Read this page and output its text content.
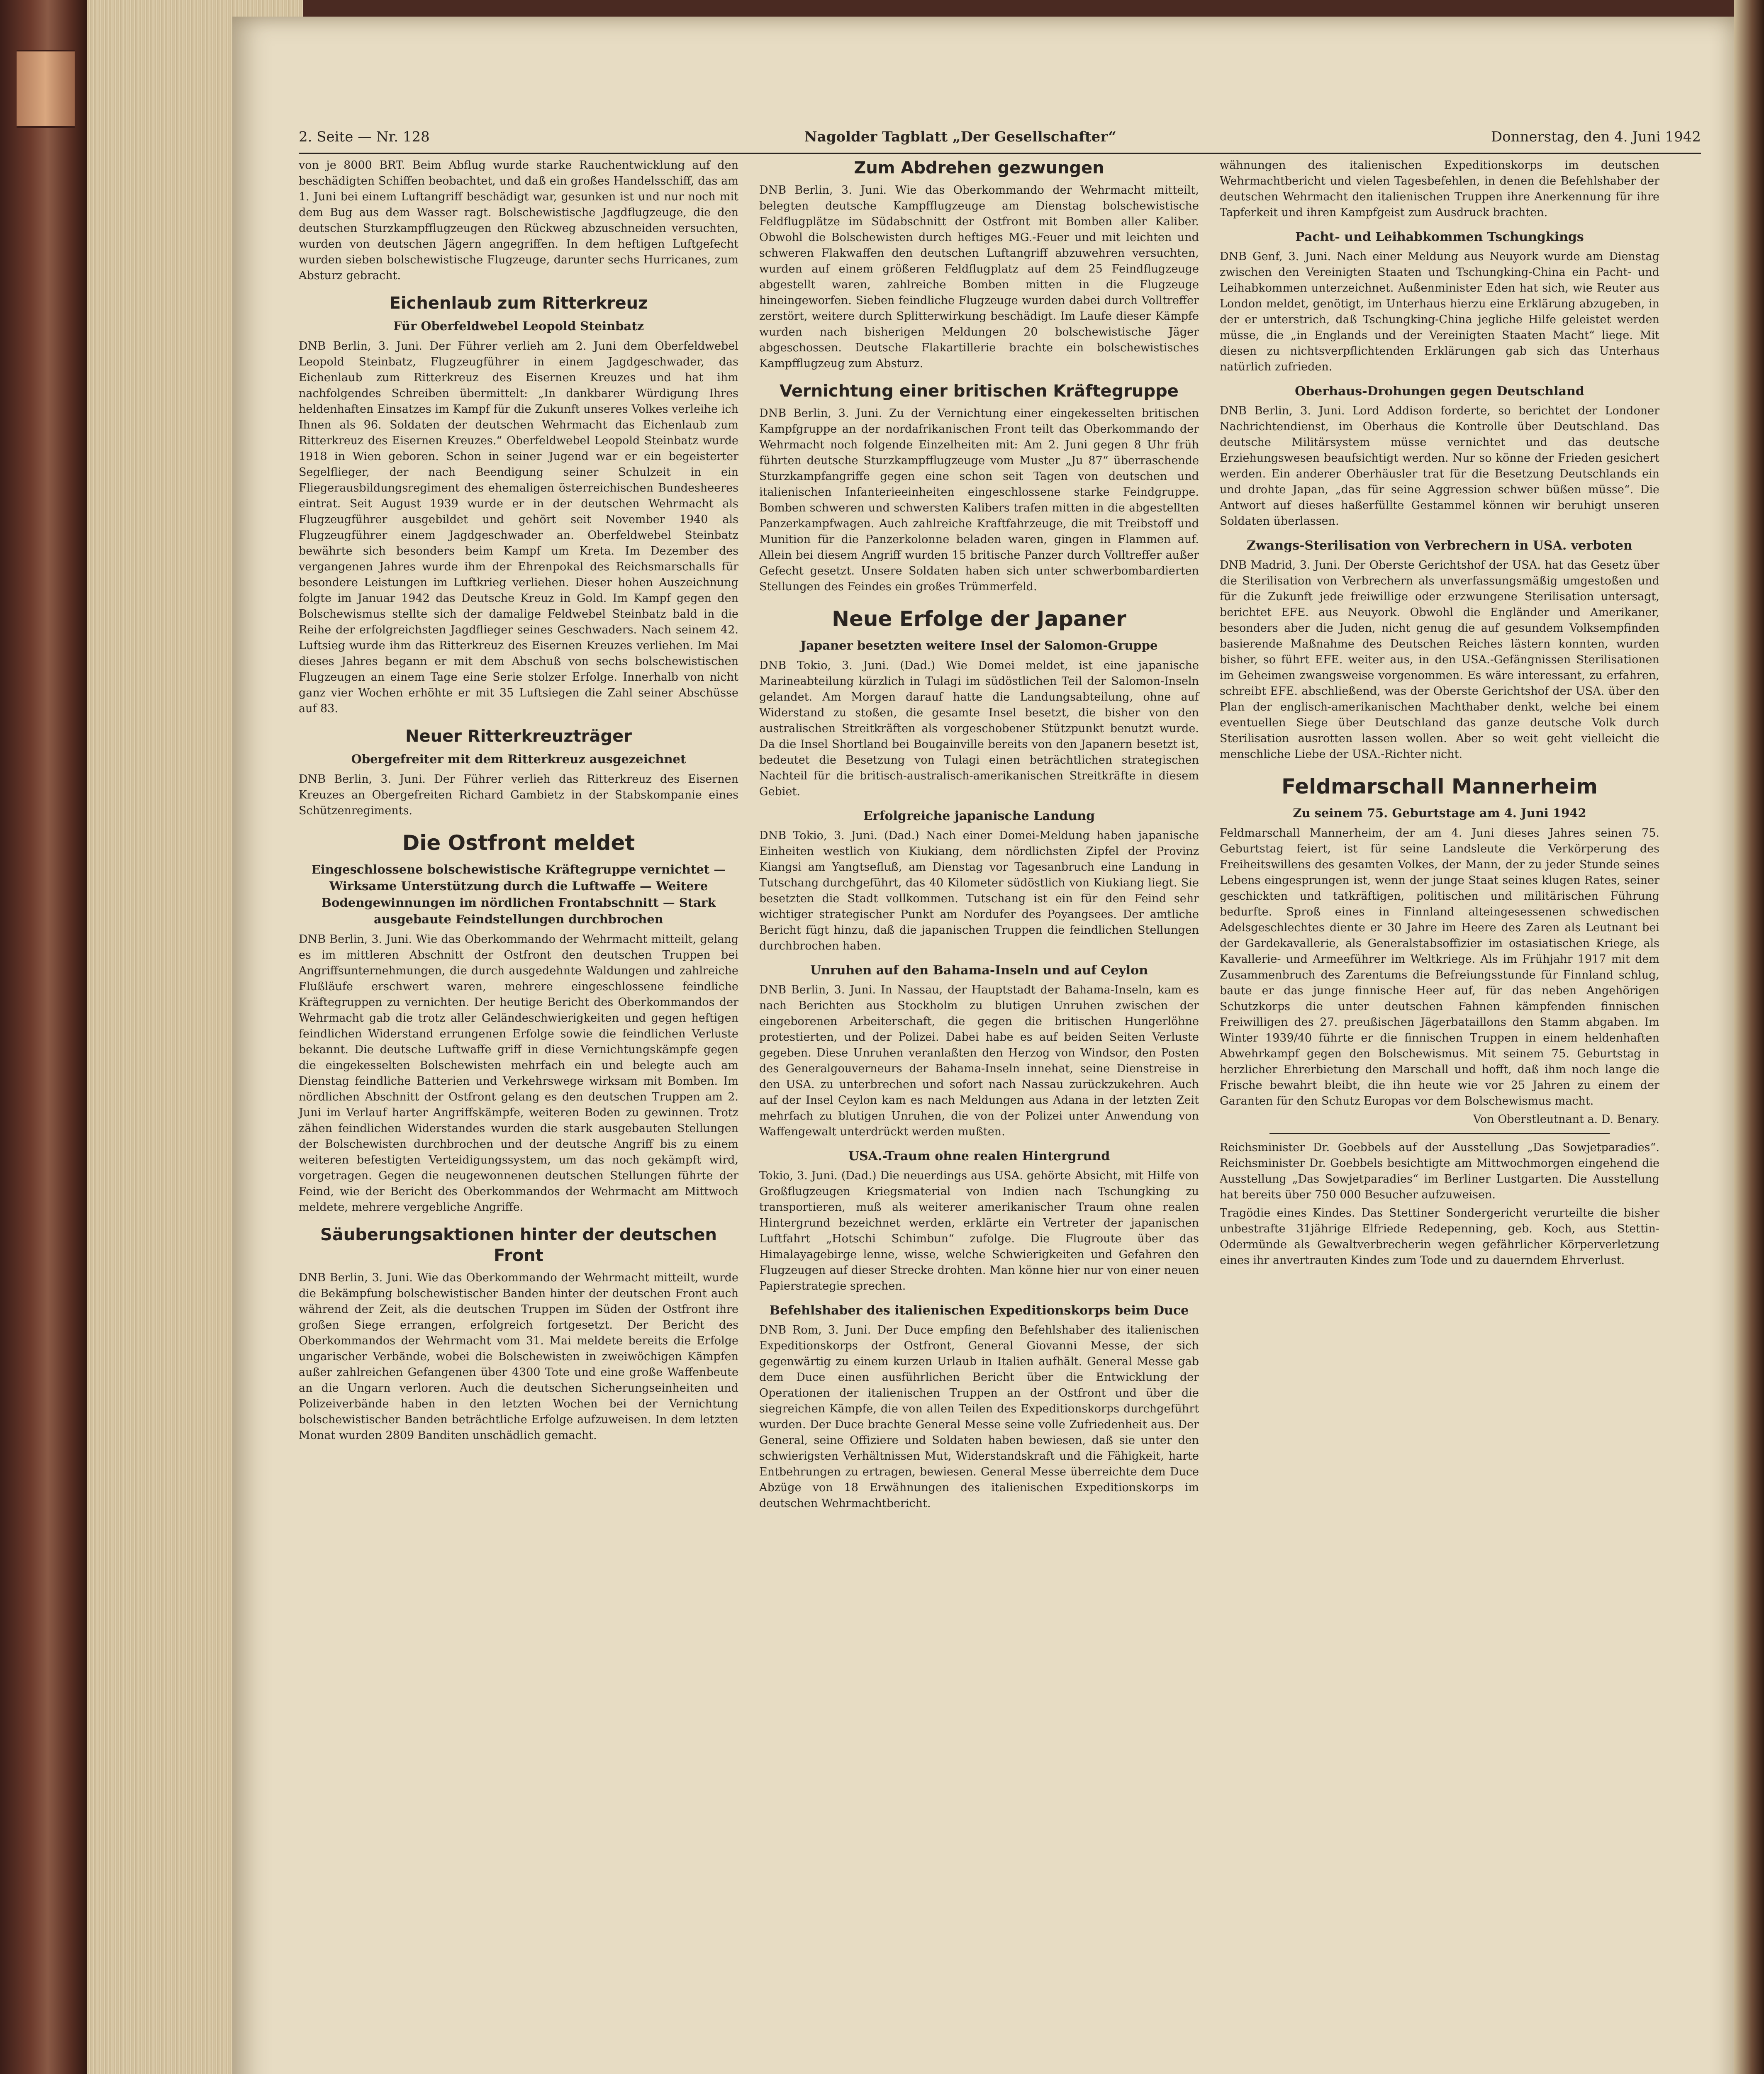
2. Seite — Nr. 128	Nagolder Tagblatt „Der Gesellschafter“	Donnerstag, den 4. Juni 1942

von je 8000 BRT. Beim Abflug wurde starke Rauchentwicklung auf den beschädigten Schiffen beobachtet, und daß ein großes Handelsschiff, das am 1. Juni bei einem Luftangriff beschädigt war, gesunken ist und nur noch mit dem Bug aus dem Wasser ragt. Bolschewistische Jagdflugzeuge, die den deutschen Sturzkampfflugzeugen den Rückweg abzuschneiden versuchten, wurden von deutschen Jägern angegriffen. In dem heftigen Luftgefecht wurden sieben bolschewistische Flugzeuge, darunter sechs Hurricanes, zum Absturz gebracht.

Eichenlaub zum Ritterkreuz
Für Oberfeldwebel Leopold Steinbatz

DNB Berlin, 3. Juni. Der Führer verlieh am 2. Juni dem Oberfeldwebel Leopold Steinbatz, Flugzeugführer in einem Jagdgeschwader, das Eichenlaub zum Ritterkreuz des Eisernen Kreuzes und hat ihm nachfolgendes Schreiben übermittelt: „In dankbarer Würdigung Ihres heldenhaften Einsatzes im Kampf für die Zukunft unseres Volkes verleihe ich Ihnen als 96. Soldaten der deutschen Wehrmacht das Eichenlaub zum Ritterkreuz des Eisernen Kreuzes.“ Oberfeldwebel Leopold Steinbatz wurde 1918 in Wien geboren. Schon in seiner Jugend war er ein begeisterter Segelflieger, der nach Beendigung seiner Schulzeit in ein Fliegerausbildungsregiment des ehemaligen österreichischen Bundesheeres eintrat. Seit August 1939 wurde er in der deutschen Wehrmacht als Flugzeugführer ausgebildet und gehört seit November 1940 als Flugzeugführer einem Jagdgeschwader an. Oberfeldwebel Steinbatz bewährte sich besonders beim Kampf um Kreta. Im Dezember des vergangenen Jahres wurde ihm der Ehrenpokal des Reichsmarschalls für besondere Leistungen im Luftkrieg verliehen. Dieser hohen Auszeichnung folgte im Januar 1942 das Deutsche Kreuz in Gold. Im Kampf gegen den Bolschewismus stellte sich der damalige Feldwebel Steinbatz bald in die Reihe der erfolgreichsten Jagdflieger seines Geschwaders. Nach seinem 42. Luftsieg wurde ihm das Ritterkreuz des Eisernen Kreuzes verliehen. Im Mai dieses Jahres begann er mit dem Abschuß von sechs bolschewistischen Flugzeugen an einem Tage eine Serie stolzer Erfolge. Innerhalb von nicht ganz vier Wochen erhöhte er mit 35 Luftsiegen die Zahl seiner Abschüsse auf 83.

Neuer Ritterkreuzträger
Obergefreiter mit dem Ritterkreuz ausgezeichnet

DNB Berlin, 3. Juni. Der Führer verlieh das Ritterkreuz des Eisernen Kreuzes an Obergefreiten Richard Gambietz in der Stabskompanie eines Schützenregiments.

Die Ostfront meldet
Eingeschlossene bolschewistische Kräftegruppe vernichtet — Wirksame Unterstützung durch die Luftwaffe — Weitere Bodengewinnungen im nördlichen Frontabschnitt — Stark ausgebaute Feindstellungen durchbrochen

DNB Berlin, 3. Juni. Wie das Oberkommando der Wehrmacht mitteilt, gelang es im mittleren Abschnitt der Ostfront den deutschen Truppen bei Angriffsunternehmungen, die durch ausgedehnte Waldungen und zahlreiche Flußläufe erschwert waren, mehrere eingeschlossene feindliche Kräftegruppen zu vernichten. Der heutige Bericht des Oberkommandos der Wehrmacht gab die trotz aller Geländeschwierigkeiten und gegen heftigen feindlichen Widerstand errungenen Erfolge sowie die feindlichen Verluste bekannt. Die deutsche Luftwaffe griff in diese Vernichtungskämpfe gegen die eingekesselten Bolschewisten mehrfach ein und belegte auch am Dienstag feindliche Batterien und Verkehrswege wirksam mit Bomben. Im nördlichen Abschnitt der Ostfront gelang es den deutschen Truppen am 2. Juni im Verlauf harter Angriffskämpfe, weiteren Boden zu gewinnen. Trotz zähen feindlichen Widerstandes wurden die stark ausgebauten Stellungen der Bolschewisten durchbrochen und der deutsche Angriff bis zu einem weiteren befestigten Verteidigungssystem, um das noch gekämpft wird, vorgetragen. Gegen die neugewonnenen deutschen Stellungen führte der Feind, wie der Bericht des Oberkommandos der Wehrmacht am Mittwoch meldete, mehrere vergebliche Angriffe.

Säuberungsaktionen hinter der deutschen Front

DNB Berlin, 3. Juni. Wie das Oberkommando der Wehrmacht mitteilt, wurde die Bekämpfung bolschewistischer Banden hinter der deutschen Front auch während der Zeit, als die deutschen Truppen im Süden der Ostfront ihre großen Siege errangen, erfolgreich fortgesetzt. Der Bericht des Oberkommandos der Wehrmacht vom 31. Mai meldete bereits die Erfolge ungarischer Verbände, wobei die Bolschewisten in zweiwöchigen Kämpfen außer zahlreichen Gefangenen über 4300 Tote und eine große Waffenbeute an die Ungarn verloren. Auch die deutschen Sicherungseinheiten und Polizeiverbände haben in den letzten Wochen bei der Vernichtung bolschewistischer Banden beträchtliche Erfolge aufzuweisen. In dem letzten Monat wurden 2809 Banditen unschädlich gemacht.

Zum Abdrehen gezwungen

DNB Berlin, 3. Juni. Wie das Oberkommando der Wehrmacht mitteilt, belegten deutsche Kampfflugzeuge am Dienstag bolschewistische Feldflugplätze im Südabschnitt der Ostfront mit Bomben aller Kaliber. Obwohl die Bolschewisten durch heftiges MG.-Feuer und mit leichten und schweren Flakwaffen den deutschen Luftangriff abzuwehren versuchten, wurden auf einem größeren Feldflugplatz auf dem 25 Feindflugzeuge abgestellt waren, zahlreiche Bomben mitten in die Flugzeuge hineingeworfen. Sieben feindliche Flugzeuge wurden dabei durch Volltreffer zerstört, weitere durch Splitterwirkung beschädigt. Im Laufe dieser Kämpfe wurden nach bisherigen Meldungen 20 bolschewistische Jäger abgeschossen. Deutsche Flakartillerie brachte ein bolschewistisches Kampfflugzeug zum Absturz.

Vernichtung einer britischen Kräftegruppe

DNB Berlin, 3. Juni. Zu der Vernichtung einer eingekesselten britischen Kampfgruppe an der nordafrikanischen Front teilt das Oberkommando der Wehrmacht noch folgende Einzelheiten mit: Am 2. Juni gegen 8 Uhr früh führten deutsche Sturzkampfflugzeuge vom Muster „Ju 87“ überraschende Sturzkampfangriffe gegen eine schon seit Tagen von deutschen und italienischen Infanterieeinheiten eingeschlossene starke Feindgruppe. Bomben schweren und schwersten Kalibers trafen mitten in die abgestellten Panzerkampfwagen. Auch zahlreiche Kraftfahrzeuge, die mit Treibstoff und Munition für die Panzerkolonne beladen waren, gingen in Flammen auf. Allein bei diesem Angriff wurden 15 britische Panzer durch Volltreffer außer Gefecht gesetzt. Unsere Soldaten haben sich unter schwerbombardierten Stellungen des Feindes ein großes Trümmerfeld.

Neue Erfolge der Japaner
Japaner besetzten weitere Insel der Salomon-Gruppe

DNB Tokio, 3. Juni. (Dad.) Wie Domei meldet, ist eine japanische Marineabteilung kürzlich in Tulagi im südöstlichen Teil der Salomon-Inseln gelandet. Am Morgen darauf hatte die Landungsabteilung, ohne auf Widerstand zu stoßen, die gesamte Insel besetzt, die bisher von den australischen Streitkräften als vorgeschobener Stützpunkt benutzt wurde. Da die Insel Shortland bei Bougainville bereits von den Japanern besetzt ist, bedeutet die Besetzung von Tulagi einen beträchtlichen strategischen Nachteil für die britisch-australisch-amerikanischen Streitkräfte in diesem Gebiet.

Erfolgreiche japanische Landung

DNB Tokio, 3. Juni. (Dad.) Nach einer Domei-Meldung haben japanische Einheiten westlich von Kiukiang, dem nördlichsten Zipfel der Provinz Kiangsi am Yangtsefluß, am Dienstag vor Tagesanbruch eine Landung in Tutschang durchgeführt, das 40 Kilometer südöstlich von Kiukiang liegt. Sie besetzten die Stadt vollkommen. Tutschang ist ein für den Feind sehr wichtiger strategischer Punkt am Nordufer des Poyangsees. Der amtliche Bericht fügt hinzu, daß die japanischen Truppen die feindlichen Stellungen durchbrochen haben.

Unruhen auf den Bahama-Inseln und auf Ceylon

DNB Berlin, 3. Juni. In Nassau, der Hauptstadt der Bahama-Inseln, kam es nach Berichten aus Stockholm zu blutigen Unruhen zwischen der eingeborenen Arbeiterschaft, die gegen die britischen Hungerlöhne protestierten, und der Polizei. Dabei habe es auf beiden Seiten Verluste gegeben. Diese Unruhen veranlaßten den Herzog von Windsor, den Posten des Generalgouverneurs der Bahama-Inseln innehat, seine Dienstreise in den USA. zu unterbrechen und sofort nach Nassau zurückzukehren. Auch auf der Insel Ceylon kam es nach Meldungen aus Adana in der letzten Zeit mehrfach zu blutigen Unruhen, die von der Polizei unter Anwendung von Waffengewalt unterdrückt werden mußten.

USA.-Traum ohne realen Hintergrund

Tokio, 3. Juni. (Dad.) Die neuerdings aus USA. gehörte Absicht, mit Hilfe von Großflugzeugen Kriegsmaterial von Indien nach Tschungking zu transportieren, muß als weiterer amerikanischer Traum ohne realen Hintergrund bezeichnet werden, erklärte ein Vertreter der japanischen Luftfahrt „Hotschi Schimbun“ zufolge. Die Flugroute über das Himalayagebirge lenne, wisse, welche Schwierigkeiten und Gefahren den Flugzeugen auf dieser Strecke drohten. Man könne hier nur von einer neuen Papierstrategie sprechen.

Befehlshaber des italienischen Expeditionskorps beim Duce

DNB Rom, 3. Juni. Der Duce empfing den Befehlshaber des italienischen Expeditionskorps der Ostfront, General Giovanni Messe, der sich gegenwärtig zu einem kurzen Urlaub in Italien aufhält. General Messe gab dem Duce einen ausführlichen Bericht über die Entwicklung der Operationen der italienischen Truppen an der Ostfront und über die siegreichen Kämpfe, die von allen Teilen des Expeditionskorps durchgeführt wurden. Der Duce brachte General Messe seine volle Zufriedenheit aus. Der General, seine Offiziere und Soldaten haben bewiesen, daß sie unter den schwierigsten Verhältnissen Mut, Widerstandskraft und die Fähigkeit, harte Entbehrungen zu ertragen, bewiesen. General Messe überreichte dem Duce Abzüge von 18 Erwähnungen des italienischen Expeditionskorps im deutschen Wehrmachtbericht.

wähnungen des italienischen Expeditionskorps im deutschen Wehrmachtbericht und vielen Tagesbefehlen, in denen die Befehlshaber der deutschen Wehrmacht den italienischen Truppen ihre Anerkennung für ihre Tapferkeit und ihren Kampfgeist zum Ausdruck brachten.

Pacht- und Leihabkommen Tschungkings

DNB Genf, 3. Juni. Nach einer Meldung aus Neuyork wurde am Dienstag zwischen den Vereinigten Staaten und Tschungking-China ein Pacht- und Leihabkommen unterzeichnet. Außenminister Eden hat sich, wie Reuter aus London meldet, genötigt, im Unterhaus hierzu eine Erklärung abzugeben, in der er unterstrich, daß Tschungking-China jegliche Hilfe geleistet werden müsse, die „in Englands und der Vereinigten Staaten Macht“ liege. Mit diesen zu nichtsverpflichtenden Erklärungen gab sich das Unterhaus natürlich zufrieden.

Oberhaus-Drohungen gegen Deutschland

DNB Berlin, 3. Juni. Lord Addison forderte, so berichtet der Londoner Nachrichtendienst, im Oberhaus die Kontrolle über Deutschland. Das deutsche Militärsystem müsse vernichtet und das deutsche Erziehungswesen beaufsichtigt werden. Nur so könne der Frieden gesichert werden. Ein anderer Oberhäusler trat für die Besetzung Deutschlands ein und drohte Japan, „das für seine Aggression schwer büßen müsse“. Die Antwort auf dieses haßerfüllte Gestammel können wir beruhigt unseren Soldaten überlassen.

Zwangs-Sterilisation von Verbrechern in USA. verboten

DNB Madrid, 3. Juni. Der Oberste Gerichtshof der USA. hat das Gesetz über die Sterilisation von Verbrechern als unverfassungsmäßig umgestoßen und für die Zukunft jede freiwillige oder erzwungene Sterilisation untersagt, berichtet EFE. aus Neuyork. Obwohl die Engländer und Amerikaner, besonders aber die Juden, nicht genug die auf gesundem Volksempfinden basierende Maßnahme des Deutschen Reiches lästern konnten, wurden bisher, so führt EFE. weiter aus, in den USA.-Gefängnissen Sterilisationen im Geheimen zwangsweise vorgenommen. Es wäre interessant, zu erfahren, schreibt EFE. abschließend, was der Oberste Gerichtshof der USA. über den Plan der englisch-amerikanischen Machthaber denkt, welche bei einem eventuellen Siege über Deutschland das ganze deutsche Volk durch Sterilisation ausrotten lassen wollen. Aber so weit geht vielleicht die menschliche Liebe der USA.-Richter nicht.

Feldmarschall Mannerheim
Zu seinem 75. Geburtstage am 4. Juni 1942

Feldmarschall Mannerheim, der am 4. Juni dieses Jahres seinen 75. Geburtstag feiert, ist für seine Landsleute die Verkörperung des Freiheitswillens des gesamten Volkes, der Mann, der zu jeder Stunde seines Lebens eingesprungen ist, wenn der junge Staat seines klugen Rates, seiner geschickten und tatkräftigen, politischen und militärischen Führung bedurfte. Sproß eines in Finnland alteingesessenen schwedischen Adelsgeschlechtes diente er 30 Jahre im Heere des Zaren als Leutnant bei der Gardekavallerie, als Generalstabsoffizier im ostasiatischen Kriege, als Kavallerie- und Armeeführer im Weltkriege. Als im Frühjahr 1917 mit dem Zusammenbruch des Zarentums die Befreiungsstunde für Finnland schlug, baute er das junge finnische Heer auf, für das neben Angehörigen Schutzkorps die unter deutschen Fahnen kämpfenden finnischen Freiwilligen des 27. preußischen Jägerbataillons den Stamm abgaben. Im Winter 1939/40 führte er die finnischen Truppen in einem heldenhaften Abwehrkampf gegen den Bolschewismus. Mit seinem 75. Geburtstag in herzlicher Ehrerbietung den Marschall und hofft, daß ihm noch lange die Frische bewahrt bleibt, die ihn heute wie vor 25 Jahren zu einem der Garanten für den Schutz Europas vor dem Bolschewismus macht.

Von Oberstleutnant a. D. Benary.

Reichsminister Dr. Goebbels auf der Ausstellung „Das Sowjetparadies“. Reichsminister Dr. Goebbels besichtigte am Mittwochmorgen eingehend die Ausstellung „Das Sowjetparadies“ im Berliner Lustgarten. Die Ausstellung hat bereits über 750 000 Besucher aufzuweisen.

Tragödie eines Kindes. Das Stettiner Sondergericht verurteilte die bisher unbestrafte 31jährige Elfriede Redepenning, geb. Koch, aus Stettin-Odermünde als Gewaltverbrecherin wegen gefährlicher Körperverletzung eines ihr anvertrauten Kindes zum Tode und zu dauerndem Ehrverlust.
